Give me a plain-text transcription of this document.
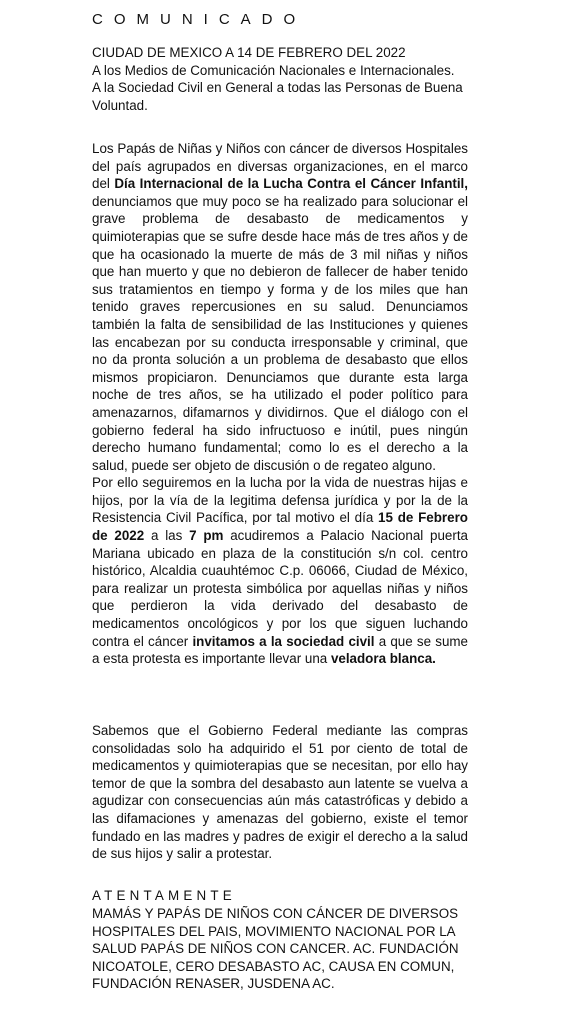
COMUNICADO
CIUDAD DE MEXICO A 14 DE FEBRERO DEL 2022
A los Medios de Comunicación Nacionales e Internacionales.
A la Sociedad Civil en General a todas las Personas de Buena Voluntad.
Los Papás de Niñas y Niños con cáncer de diversos Hospitales del país agrupados en diversas organizaciones, en el marco del Día Internacional de la Lucha Contra el Cáncer Infantil, denunciamos que muy poco se ha realizado para solucionar el grave problema de desabasto de medicamentos y quimioterapias que se sufre desde hace más de tres años y de que ha ocasionado la muerte de más de 3 mil niñas y niños que han muerto y que no debieron de fallecer de haber tenido sus tratamientos en tiempo y forma y de los miles que han tenido graves repercusiones en su salud. Denunciamos también la falta de sensibilidad de las Instituciones y quienes las encabezan por su conducta irresponsable y criminal, que no da pronta solución a un problema de desabasto que ellos mismos propiciaron. Denunciamos que durante esta larga noche de tres años, se ha utilizado el poder político para amenazarnos, difamarnos y dividirnos. Que el diálogo con el gobierno federal ha sido infructuoso e inútil, pues ningún derecho humano fundamental; como lo es el derecho a la salud, puede ser objeto de discusión o de regateo alguno.
Por ello seguiremos en la lucha por la vida de nuestras hijas e hijos, por la vía de la legitima defensa jurídica y por la de la Resistencia Civil Pacífica, por tal motivo el día 15 de Febrero de 2022 a las 7 pm acudiremos a Palacio Nacional puerta Mariana ubicado en plaza de la constitución s/n col. centro histórico, Alcaldia cuauhtémoc C.p. 06066, Ciudad de México, para realizar un protesta simbólica por aquellas niñas y niños que perdieron la vida derivado del desabasto de medicamentos oncológicos y por los que siguen luchando contra el cáncer invitamos a la sociedad civil a que se sume a esta protesta es importante llevar una veladora blanca.
Sabemos que el Gobierno Federal mediante las compras consolidadas solo ha adquirido el 51 por ciento de total de medicamentos y quimioterapias que se necesitan, por ello hay temor de que la sombra del desabasto aun latente se vuelva a agudizar con consecuencias aún más catastróficas y debido a las difamaciones y amenazas del gobierno, existe el temor fundado en las madres y padres de exigir el derecho a la salud de sus hijos y salir a protestar.
ATENTAMENTE
MAMÁS Y PAPÁS DE NIÑOS CON CÁNCER DE DIVERSOS HOSPITALES DEL PAIS, MOVIMIENTO NACIONAL POR LA SALUD PAPÁS DE NIÑOS CON CANCER. AC. FUNDACIÓN NICOATOLE, CERO DESABASTO AC, CAUSA EN COMUN, FUNDACIÓN RENASER, JUSDENA AC.
